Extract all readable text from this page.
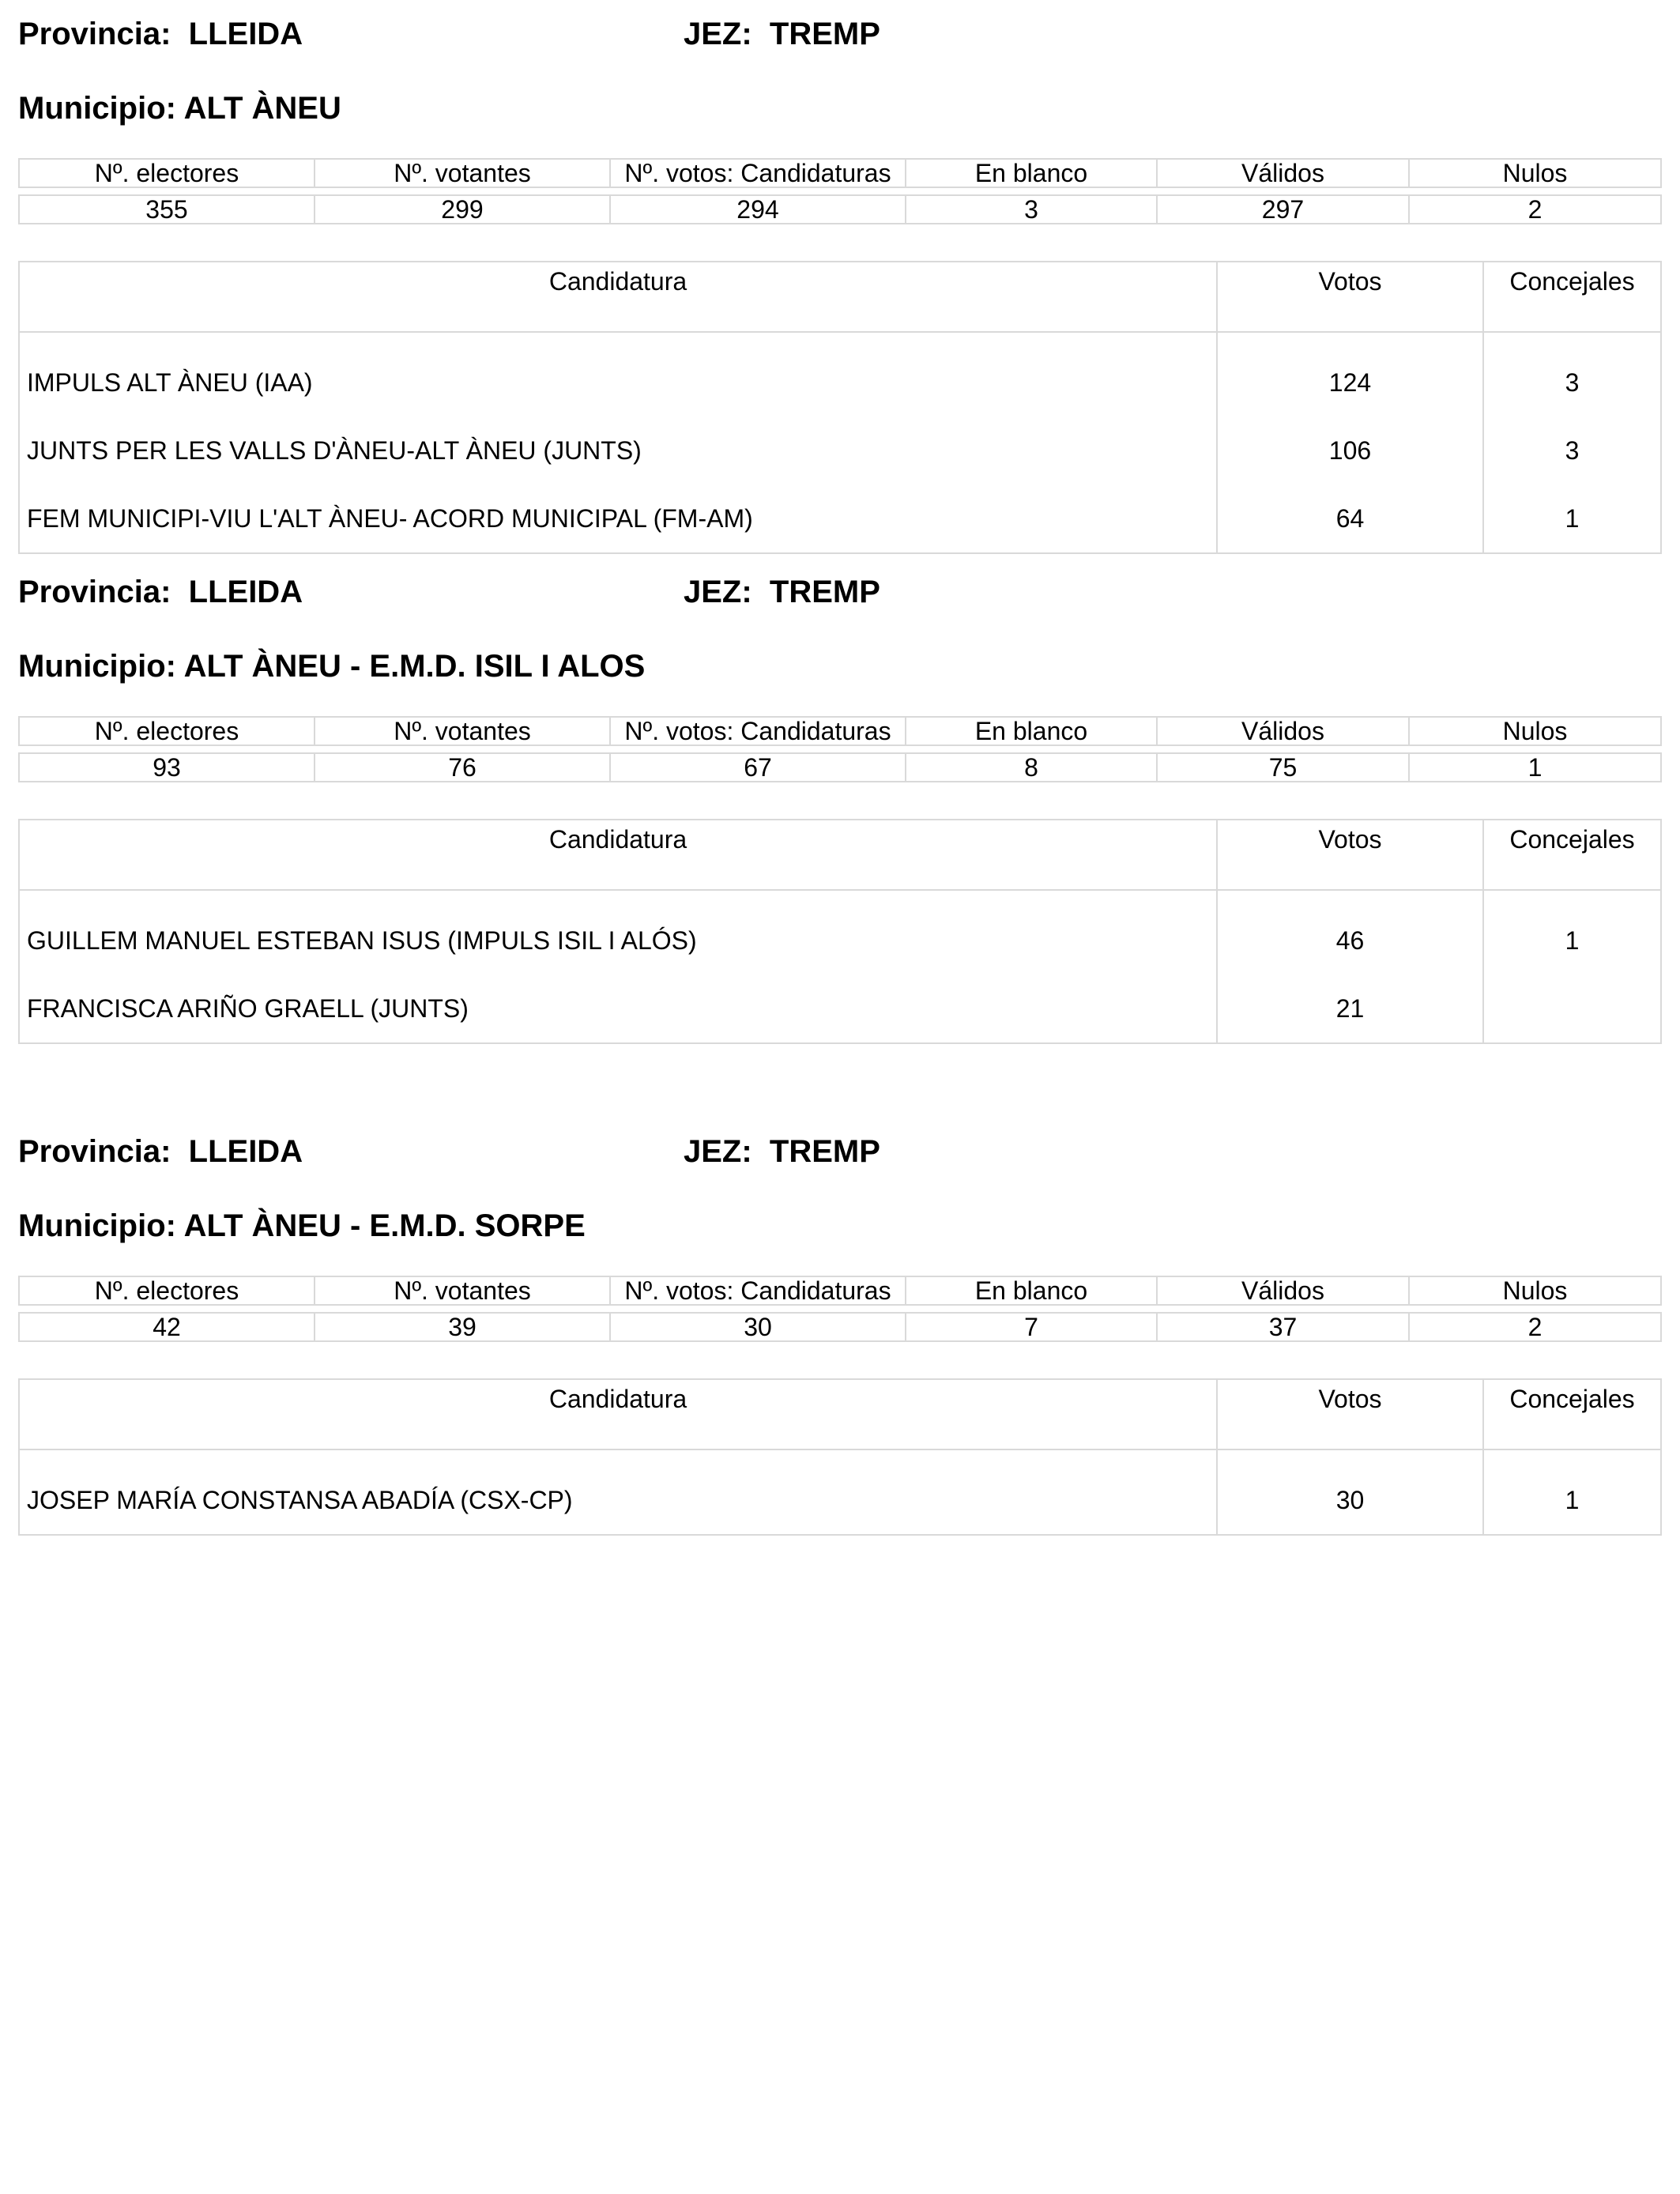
Provincia: LLEIDA	JEZ: TREMP
Municipio: ALT ÀNEU
Nº. electores	Nº. votantes	Nº. votos: Candidaturas	En blanco	Válidos	Nulos

355	299	294	3	297	2
Candidatura	Votos	Concejales
IMPULS ALT ÀNEU (IAA)	124	3
JUNTS PER LES VALLS D'ÀNEU-ALT ÀNEU (JUNTS)	106	3
FEM MUNICIPI-VIU L'ALT ÀNEU- ACORD MUNICIPAL (FM-AM)	64	1
Provincia: LLEIDA	JEZ: TREMP
Municipio: ALT ÀNEU - E.M.D. ISIL I ALOS
Nº. electores	Nº. votantes	Nº. votos: Candidaturas	En blanco	Válidos	Nulos

93	76	67	8	75	1
Candidatura	Votos	Concejales
GUILLEM MANUEL ESTEBAN ISUS (IMPULS ISIL I ALÓS)	46	1
FRANCISCA ARIÑO GRAELL (JUNTS)	21	
Provincia: LLEIDA	JEZ: TREMP
Municipio: ALT ÀNEU - E.M.D. SORPE
Nº. electores	Nº. votantes	Nº. votos: Candidaturas	En blanco	Válidos	Nulos

42	39	30	7	37	2
Candidatura	Votos	Concejales
JOSEP MARÍA CONSTANSA ABADÍA (CSX-CP)	30	1
